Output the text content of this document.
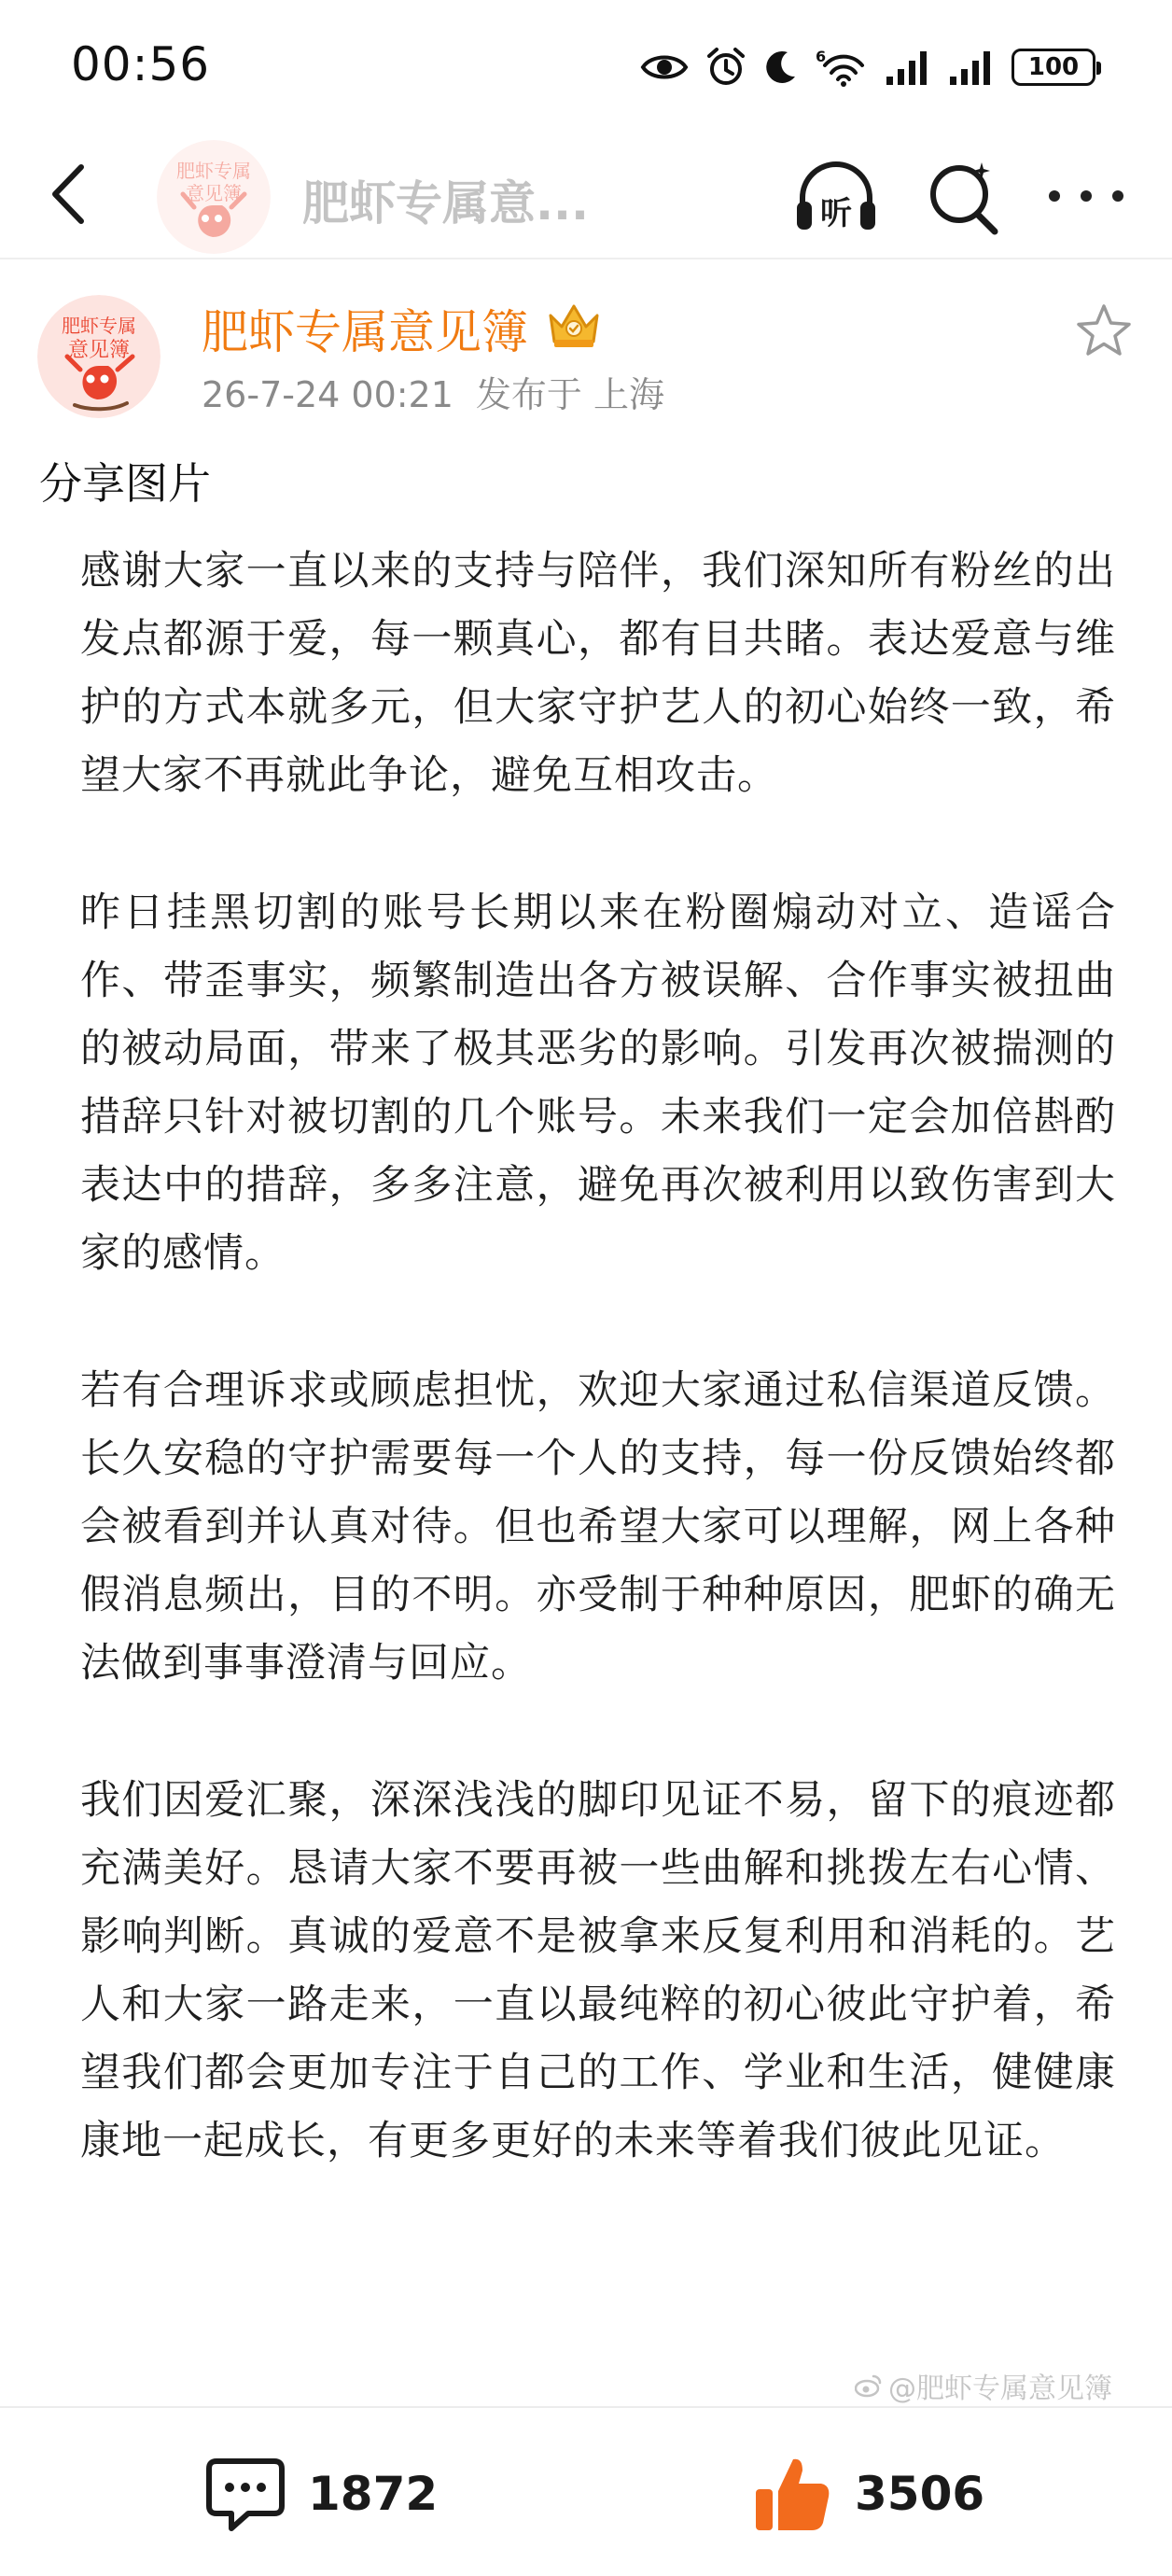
00:56	6	100
肥虾专属
意见簿 肥虾专属意...	听
肥虾专属
意见簿 肥虾专属意见簿
26-7-24 00:21 发布于 上海
分享图片

感谢大家一直以来的支持与陪伴，我们深知所有粉丝的出发点都源于爱，每一颗真心，都有目共睹。表达爱意与维护的方式本就多元，但大家守护艺人的初心始终一致，希望大家不再就此争论，避免互相攻击。

昨日挂黑切割的账号长期以来在粉圈煽动对立、造谣合作、带歪事实，频繁制造出各方被误解、合作事实被扭曲的被动局面，带来了极其恶劣的影响。引发再次被揣测的措辞只针对被切割的几个账号。未来我们一定会加倍斟酌表达中的措辞，多多注意，避免再次被利用以致伤害到大家的感情。

若有合理诉求或顾虑担忧，欢迎大家通过私信渠道反馈。长久安稳的守护需要每一个人的支持，每一份反馈始终都会被看到并认真对待。但也希望大家可以理解，网上各种假消息频出，目的不明。亦受制于种种原因，肥虾的确无法做到事事澄清与回应。

我们因爱汇聚，深深浅浅的脚印见证不易，留下的痕迹都充满美好。恳请大家不要再被一些曲解和挑拨左右心情、影响判断。真诚的爱意不是被拿来反复利用和消耗的。艺人和大家一路走来，一直以最纯粹的初心彼此守护着，希望我们都会更加专注于自己的工作、学业和生活，健健康康地一起成长，有更多更好的未来等着我们彼此见证。

@肥虾专属意见簿
1872	3506
